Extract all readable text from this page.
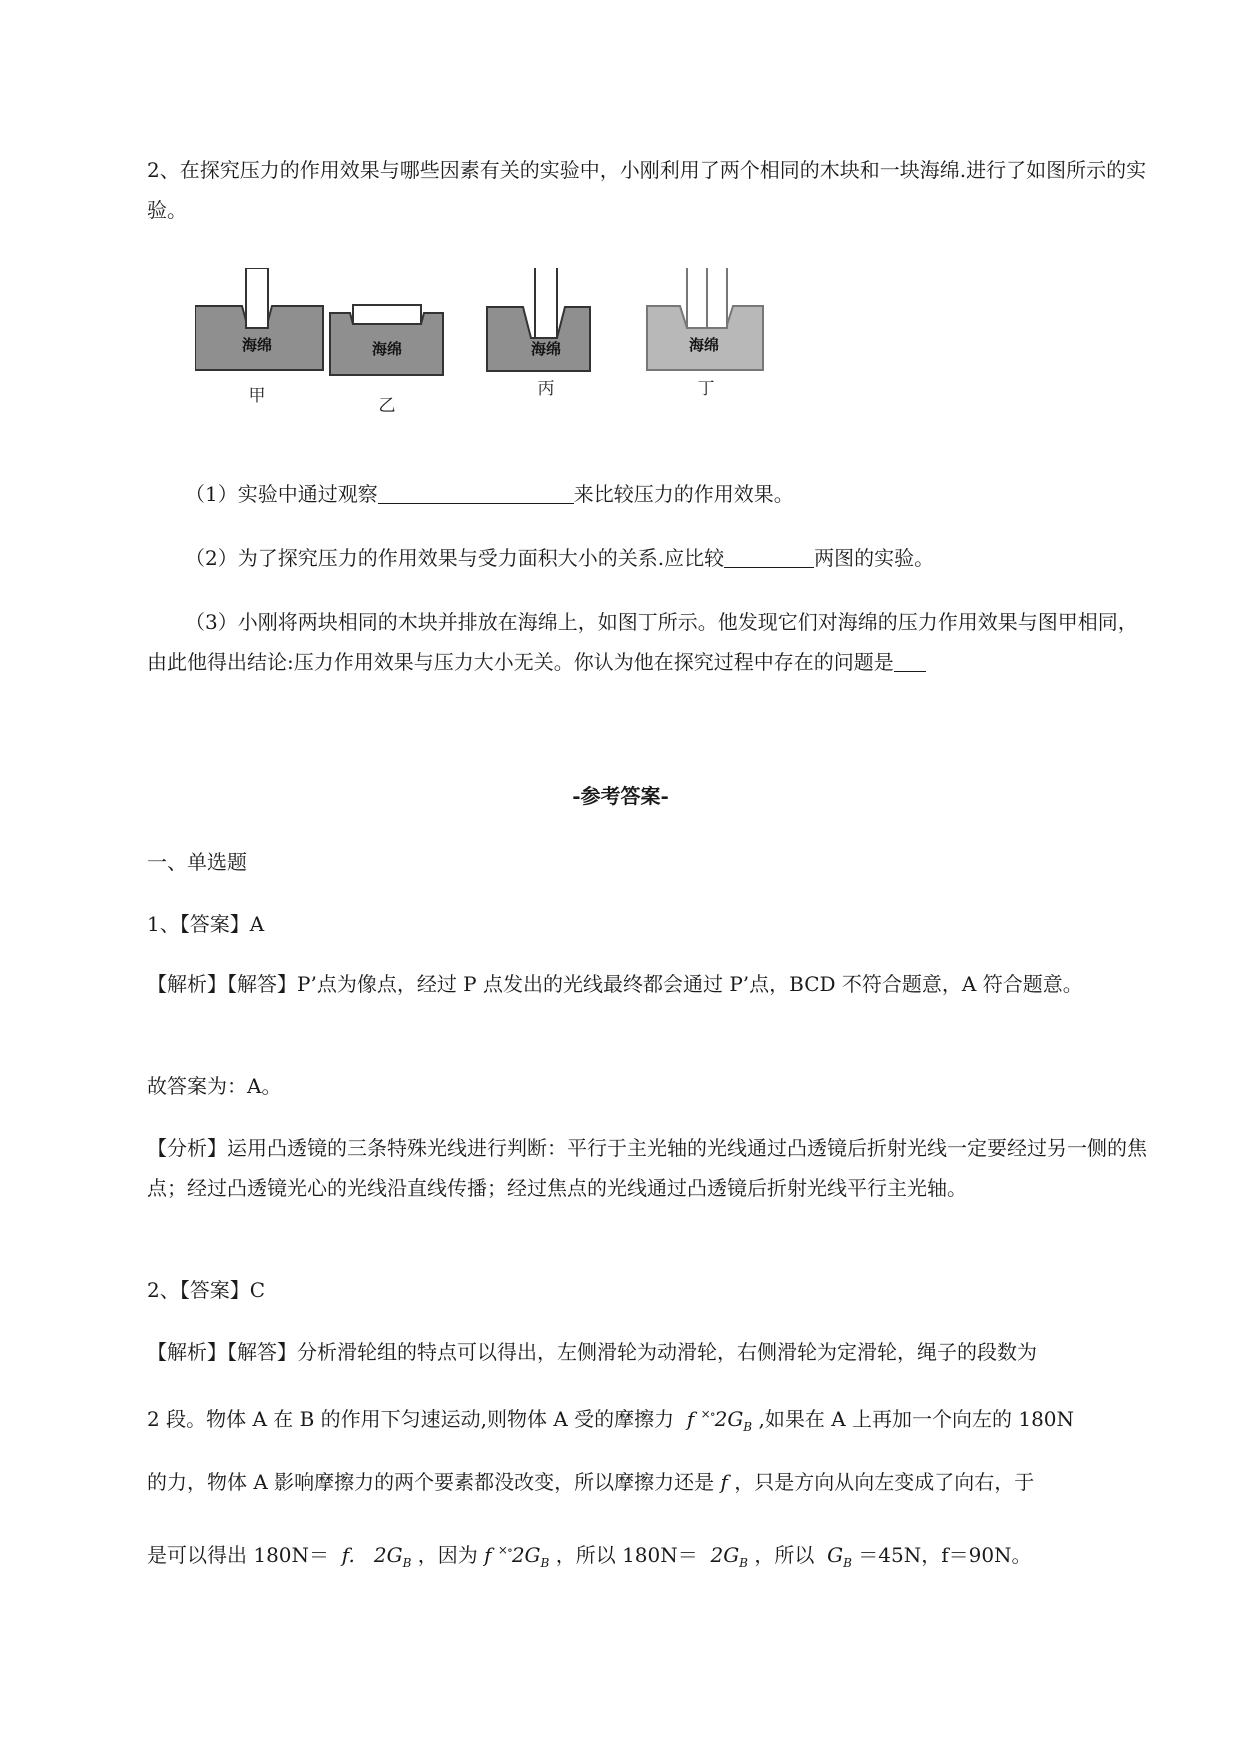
2、在探究压力的作用效果与哪些因素有关的实验中，小刚利用了两个相同的木块和一块海绵.进行了如图所示的实验。

海绵
甲
海绵
乙
海绵
丙
海绵
丁

（1）实验中通过观察	来比较压力的作用效果。

（2）为了探究压力的作用效果与受力面积大小的关系.应比较	两图的实验。

（3）小刚将两块相同的木块并排放在海绵上，如图丁所示。他发现它们对海绵的压力作用效果与图甲相同，由此他得出结论:压力作用效果与压力大小无关。你认为他在探究过程中存在的问题是

-参考答案-

一、单选题

1、【答案】A

【解析】【解答】P’点为像点，经过 P 点发出的光线最终都会通过 P’点，BCD 不符合题意，A 符合题意。

故答案为：A。

【分析】运用凸透镜的三条特殊光线进行判断：平行于主光轴的光线通过凸透镜后折射光线一定要经过另一侧的焦点；经过凸透镜光心的光线沿直线传播；经过焦点的光线通过凸透镜后折射光线平行主光轴。

2、【答案】C

【解析】【解答】分析滑轮组的特点可以得出，左侧滑轮为动滑轮，右侧滑轮为定滑轮，绳子的段数为

2 段。物体 A 在 B 的作用下匀速运动,则物体 A 受的摩擦力 f $^{\times\circ}2G_B$ ,如果在 A 上再加一个向左的 180N

的力，物体 A 影响摩擦力的两个要素都没改变，所以摩擦力还是 f ，只是方向从向左变成了向右，于

是可以得出 180N＝ f. $2G_B$ ，因为 f $^{\times\circ}2G_B$ ，所以 $180N= 2G_B$ ，所以 $G_B =45N$，f＝90N。
